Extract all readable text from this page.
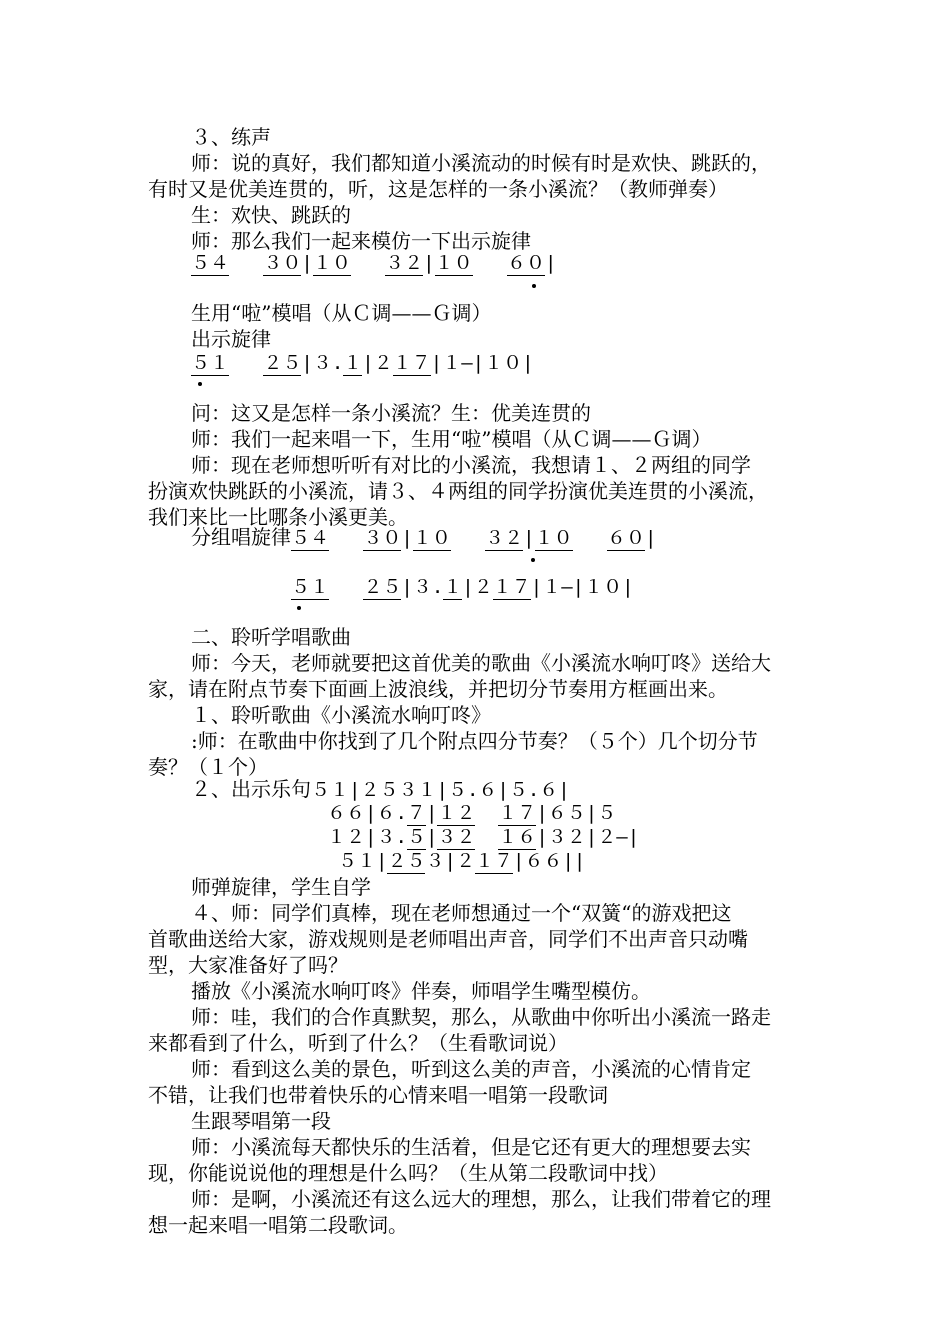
３、练声
师：说的真好，我们都知道小溪流动的时候有时是欢快、跳跃的，
有时又是优美连贯的，听，这是怎样的一条小溪流？（教师弹奏）
生：欢快、跳跃的
师：那么我们一起来模仿一下出示旋律
５４ ３０|１０ ３２|１０ ６０|
生用“啦”模唱（从Ｃ调——Ｇ调）
出示旋律
５１ ２５|３.１|２１７|１—|１０|
问：这又是怎样一条小溪流？生：优美连贯的
师：我们一起来唱一下，生用“啦”模唱（从Ｃ调——Ｇ调）
师：现在老师想听听有对比的小溪流，我想请１、２两组的同学
扮演欢快跳跃的小溪流，请３、４两组的同学扮演优美连贯的小溪流，
我们来比一比哪条小溪更美。
分组唱旋律５４ ３０|１０ ３２|１０ ６０|
５１ ２５|３.１|２１７|１—|１０|
二、聆听学唱歌曲
师：今天，老师就要把这首优美的歌曲《小溪流水响叮咚》送给大
家，请在附点节奏下面画上波浪线，并把切分节奏用方框画出来。
１、聆听歌曲《小溪流水响叮咚》
:师：在歌曲中你找到了几个附点四分节奏？（５个）几个切分节
奏？（１个）
２、出示乐句５１|２５３１|５.６|５.６|
６６|６.７|１２ １７|６５|５
１２|３.５|３２ １６|３２|２—|
５１|２５３|２１７|６６||
师弹旋律，学生自学
４、师：同学们真棒，现在老师想通过一个“双簧“的游戏把这
首歌曲送给大家，游戏规则是老师唱出声音，同学们不出声音只动嘴
型，大家准备好了吗？
播放《小溪流水响叮咚》伴奏，师唱学生嘴型模仿。
师：哇，我们的合作真默契，那么，从歌曲中你听出小溪流一路走
来都看到了什么，听到了什么？（生看歌词说）
师：看到这么美的景色，听到这么美的声音，小溪流的心情肯定
不错，让我们也带着快乐的心情来唱一唱第一段歌词
生跟琴唱第一段
师：小溪流每天都快乐的生活着，但是它还有更大的理想要去实
现，你能说说他的理想是什么吗？（生从第二段歌词中找）
师：是啊，小溪流还有这么远大的理想，那么，让我们带着它的理
想一起来唱一唱第二段歌词。
